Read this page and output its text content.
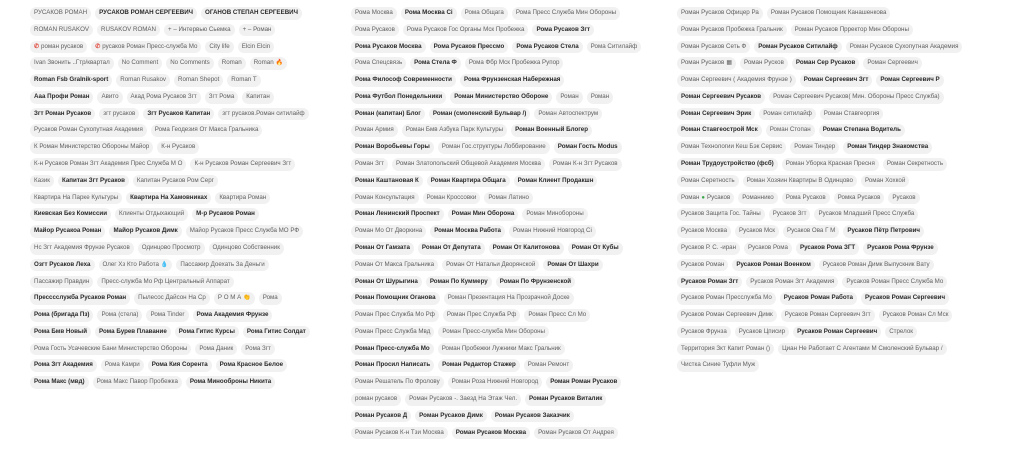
РУСАКОВ РОМАН	РУСАКОВ РОМАН СЕРГЕЕВИЧ	ОГАНОВ СТЕПАН СЕРГЕЕВИЧ
ROMAN RUSAKOV	RUSAKOV ROMAN	+ – Интервью Сьемка	+ – Роман
✆ роман русаков	✆ русаков Роман Пресс-служба Мо	City life	Elcin Elcin
Ivan Звонить ..Гтр/квартал	No Comment	No Comments	Roman	Roman 🔥
Roman Fsb Gralnik-sport	Roman Rusakov	Roman Shepot	Roman T
Ааа Профи Роман	Авито	Акад Рома Русаков Згт	Згт Рома	Капитан
Згт Роман Русаков	згт русаков	Згт Русаков Капитан	згт русаков.Роман ситилайф
Русаков Роман Сухопутная Академия	Рома Геодезия От Макса Гральника
К Роман Министерство Обороны Майор	К-н Русаков
К-н Русаков Роман Згт Академия Прес Служба М О	К-н Русаков Роман Сергеевич Згт
Казик	Капитан Згт Русаков	Капитан Русаков Ром Серг
Квартира На Парке Культуры	Квартира На Хамовниках	Квартира Роман
Киевская Без Комиссии	Клиенты Отдыхающий	М-р Русаков Роман
Майор Русакоа Роман	Майор Русаков Димк	Майор Русаков Пресс Служба МО РФ
Нс Згт Академия Фрунзе Русаков	Одинцово Просмотр	Одинцово Собственник
Озгт Русаков Леха	Олег Хз Кто Работа 💧	Пассажир Доехать За Деньги
Пассажир Правдин	Пресс-служба Мо Рф Центральный Аппарат
Пресссслужба Русаков Роман	Пылесос Дайсон На Ср	Р О М А 👏	Рома
Рома (бригада Пз)	Рома (стела)	Рома Tinder	Рома Академия Фрунзе
Рома Бмв Новый	Рома Бурев Плавание	Рома Гитис Курсы	Рома Гитис Солдат
Рома Гость Усачевские Бани Министерство Обороны	Рома Даник	Рома Згт
Рома Згт Академия	Рома Камри	Рома Кия Сорента	Рома Красное Белое
Рома Макс (мвд)	Рома Макс Павор Пробежка	Рома Минооброны Никита
Рома Москва	Рома Москва Сi	Рома Общага	Рома Пресс Служба Мин Обороны
Рома Русаков	Рома Русаков Гос Органы Мск Пробежка	Рома Русаков Згт
Рома Русаков Москва	Рома Русаков Прессмо	Рома Русаков Стела	Рома Ситилайф
Рома Спецсвязь	Рома Стела Ф	Рома Фбр Мск Пробежка Рупор
Рома Философ Современности	Рома Фрунзенская Набережная
Рома Футбол Понедельники	Роман Министерство Обороне	Роман	Роман
Роман (капитан) Блог	Роман (смоленский Бульвар /)	Роман Автоспектрум
Роман Армия	Роман Бмв Азбука Парк Культуры	Роман Военный Блогер
Роман Воробьевы Горы	Роман Гос.структуры Лоббирование	Роман Гость Modus
Роман Згт	Роман Златопольский Общевой Академия Москва	Роман К-н Згт Русаков
Роман Каштановая К	Роман Квартира Общага	Роман Клиент Продакшн
Роман Консультация	Роман Кроссовки	Роман Латино
Роман Ленинский Проспект	Роман Мин Оборона	Роман Минобороны
Роман Мо От Дворкина	Роман Москва Работа	Роман Нижний Новгород Ci
Роман От Гамзата	Роман От Депутата	Роман От Калитонова	Роман От Кубы
Роман От Макса Гральника	Роман От Натальи Дворянской	Роман От Шахри
Роман От Шурыгина	Роман По Куммеру	Роман По Фрунзенской
Роман Помощник Оганова	Роман Презентация На Прозрачной Доске
Роман Прес Служба Мо Рф	Роман Прес Служба Рф	Роман Пресс Сл Мо
Роман Пресс Служба Мвд	Роман Пресс-служба Мин Обороны
Роман Пресс-служба Мо	Роман Пробежки Лужники Макс Гральник
Роман Просил Написать	Роман Редактор Стажер	Роман Ремонт
Роман Решатель По Фролову	Роман Роза Нижний Новгород	Роман Роман Русаков
роман русаков	Роман Русаков -. Заезд На Этаж Чел.	Роман Русаков Виталик
Роман Русаков Д	Роман Русаков Димк	Роман Русаков Заказчик
Роман Русаков К-н Тзи Москва	Роман Русаков Москва	Роман Русаков От Андрея
Роман Русаков Офицер Ра	Роман Русаков Помощник Канашенкова
Роман Русаков Пробежка Гральник	Роман Русаков Прректор Мин Обороны
Роман Русаков Сеть Ф	Роман Русаков Ситилайф	Роман Русаков Сухопутная Академия
Роман Русаков ▦	Роман Русков	Роман Сер Русаков	Роман Сергеевич
Роман Сергеевич ( Академия Фрунзе )	Роман Сергеевич Згт	Роман Сергеевич Р
Роман Сергеевич Русаков	Роман Сергеевич Русаков( Мин. Обороны Пресс Служба)
Роман Сергеевич Эрик	Роман ситилайф	Роман Ставгеоргия
Роман Ставгеострой Мск	Роман Стопан	Роман Степана Водитель
Роман Технологии Кеш Бэк Сервис	Роман Тиндер	Роман Тиндер Знакомства
Роман Трудоустройство (фсб)	Роман Уборка Красная Пресня	Роман Секретность
Роман Серетность	Роман Хозяин Квартиры В Одинцово	Роман Хохкой
Роман ● Русаков	Романнико	Рома Русаков	Ромка Русаков	Русаков
Русаков Защита Гос. Тайны	Русаков Згт	Русаков Младший Пресс Служба
Русаков Москва	Русаков Мск	Русаков Ова Г М	Русаков Пётр Петрович
Русаков Р. С. -иран	Русаков Рома	Русаков Рома ЗГТ	Русаков Рома Фрунзе
Русаков Роман	Русаков Роман Военком	Русаков Роман Димк Выпускник Вату
Русаков Роман Згт	Русаков Роман Згт Академия	Русаков Роман Пресс Служба Мо
Русаков Роман Пресслужба Мо	Русаков Роман Работа	Русаков Роман Сергеевич
Русаков Роман Сергеевич Димк	Русаков Роман Сергеевич Згт	Русаков Роман Сл Мск
Русаков Фрунза	Русаков Цписир	Русаков Роман Сергеевич	Стрелок
Территория Зкт Капит Роман ()	Циан Не Работает С Агентами М Смоленский Бульвар /
Чистка Синие Туфли Муж
